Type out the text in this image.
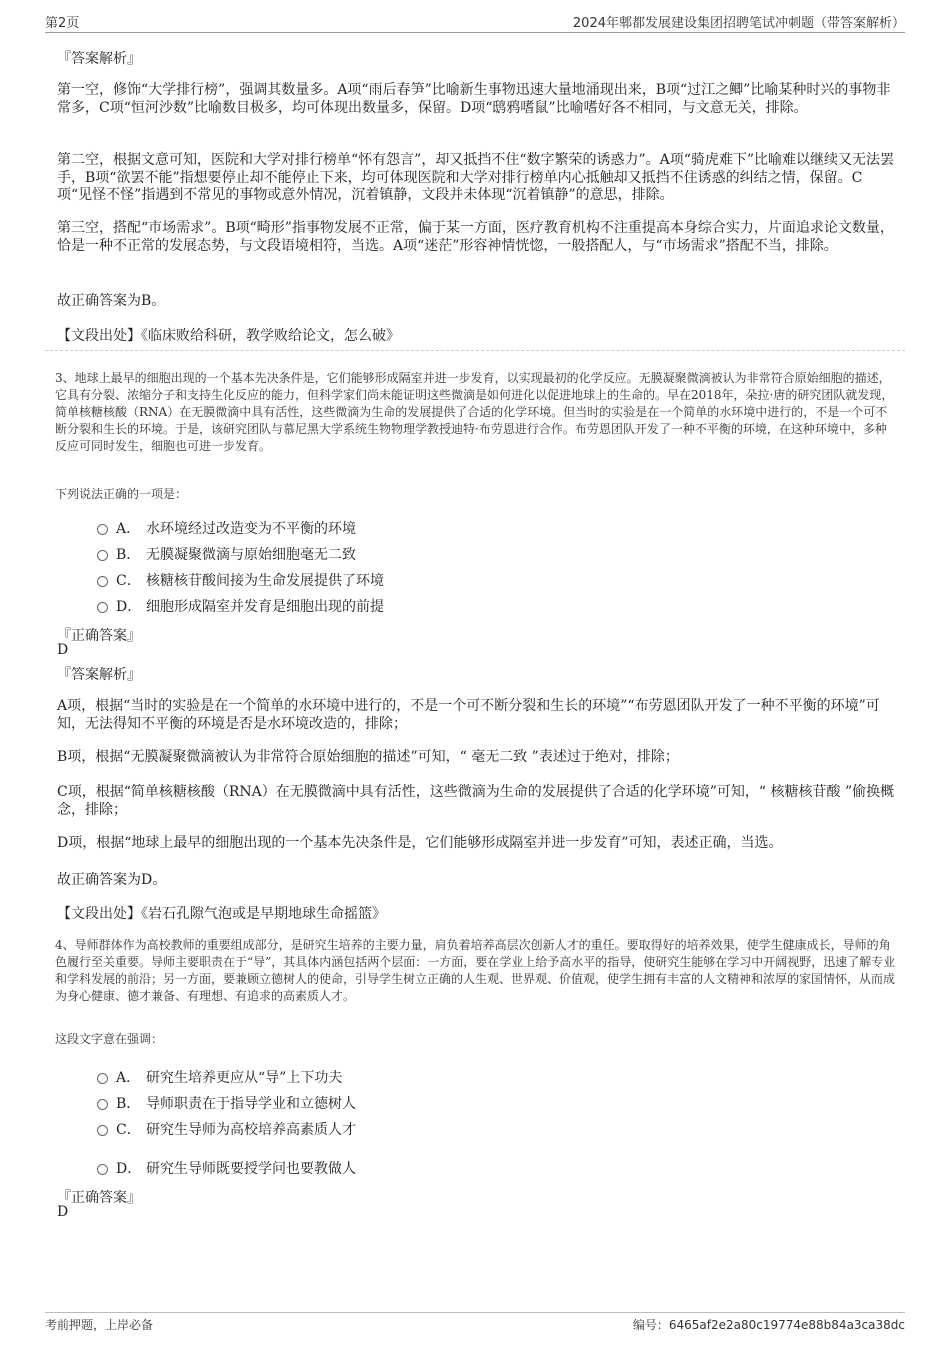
第2页	2024年郫都发展建设集团招聘笔试冲刺题（带答案解析）
『答案解析』

第一空，修饰“大学排行榜”，强调其数量多。A项“雨后春笋”比喻新生事物迅速大量地涌现出来，B项“过江之鲫”比喻某种时兴的事物非常多，C项“恒河沙数”比喻数目极多，均可体现出数量多，保留。D项“鸱鸦嗜鼠”比喻嗜好各不相同，与文意无关，排除。

第二空，根据文意可知，医院和大学对排行榜单“怀有怨言”，却又抵挡不住“数字繁荣的诱惑力”。A项“骑虎难下”比喻难以继续又无法罢手，B项“欲罢不能”指想要停止却不能停止下来，均可体现医院和大学对排行榜单内心抵触却又抵挡不住诱惑的纠结之情，保留。C项“见怪不怪”指遇到不常见的事物或意外情况，沉着镇静，文段并未体现“沉着镇静”的意思，排除。

第三空，搭配“市场需求”。B项“畸形”指事物发展不正常，偏于某一方面，医疗教育机构不注重提高本身综合实力，片面追求论文数量，恰是一种不正常的发展态势，与文段语境相符，当选。A项“迷茫”形容神情恍惚，一般搭配人，与“市场需求”搭配不当，排除。

故正确答案为B。
【文段出处】《临床败给科研，教学败给论文，怎么破》
3、地球上最早的细胞出现的一个基本先决条件是，它们能够形成隔室并进一步发育，以实现最初的化学反应。无膜凝聚微滴被认为非常符合原始细胞的描述，它具有分裂、浓缩分子和支持生化反应的能力，但科学家们尚未能证明这些微滴是如何进化以促进地球上的生命的。早在2018年，朵拉·唐的研究团队就发现，简单核糖核酸（RNA）在无膜微滴中具有活性，这些微滴为生命的发展提供了合适的化学环境。但当时的实验是在一个简单的水环境中进行的，不是一个可不断分裂和生长的环境。于是，该研究团队与慕尼黑大学系统生物物理学教授迪特·布劳恩进行合作。布劳恩团队开发了一种不平衡的环境，在这种环境中，多种反应可同时发生，细胞也可进一步发育。
下列说法正确的一项是：
A． 水环境经过改造变为不平衡的环境
B． 无膜凝聚微滴与原始细胞毫无二致
C． 核糖核苷酸间接为生命发展提供了环境
D． 细胞形成隔室并发育是细胞出现的前提
『正确答案』
D
『答案解析』

A项，根据“当时的实验是在一个简单的水环境中进行的，不是一个可不断分裂和生长的环境”“布劳恩团队开发了一种不平衡的环境”可知，无法得知不平衡的环境是否是水环境改造的，排除；

B项，根据“无膜凝聚微滴被认为非常符合原始细胞的描述”可知，“ 毫无二致 ”表述过于绝对，排除；

C项，根据“简单核糖核酸（RNA）在无膜微滴中具有活性，这些微滴为生命的发展提供了合适的化学环境”可知，“ 核糖核苷酸 ”偷换概念，排除；

D项，根据“地球上最早的细胞出现的一个基本先决条件是，它们能够形成隔室并进一步发育”可知，表述正确，当选。

故正确答案为D。
【文段出处】《岩石孔隙气泡或是早期地球生命摇篮》
4、导师群体作为高校教师的重要组成部分，是研究生培养的主要力量，肩负着培养高层次创新人才的重任。要取得好的培养效果，使学生健康成长，导师的角色履行至关重要。导师主要职责在于“导”，其具体内涵包括两个层面：一方面，要在学业上给予高水平的指导，使研究生能够在学习中开阔视野，迅速了解专业和学科发展的前沿；另一方面，要兼顾立德树人的使命，引导学生树立正确的人生观、世界观、价值观，使学生拥有丰富的人文精神和浓厚的家国情怀，从而成为身心健康、德才兼备、有理想、有追求的高素质人才。
这段文字意在强调：
A． 研究生培养更应从“导”上下功夫
B． 导师职责在于指导学业和立德树人
C． 研究生导师为高校培养高素质人才
D． 研究生导师既要授学问也要教做人
『正确答案』
D
考前押题，上岸必备	编号：6465af2e2a80c19774e88b84a3ca38dc
